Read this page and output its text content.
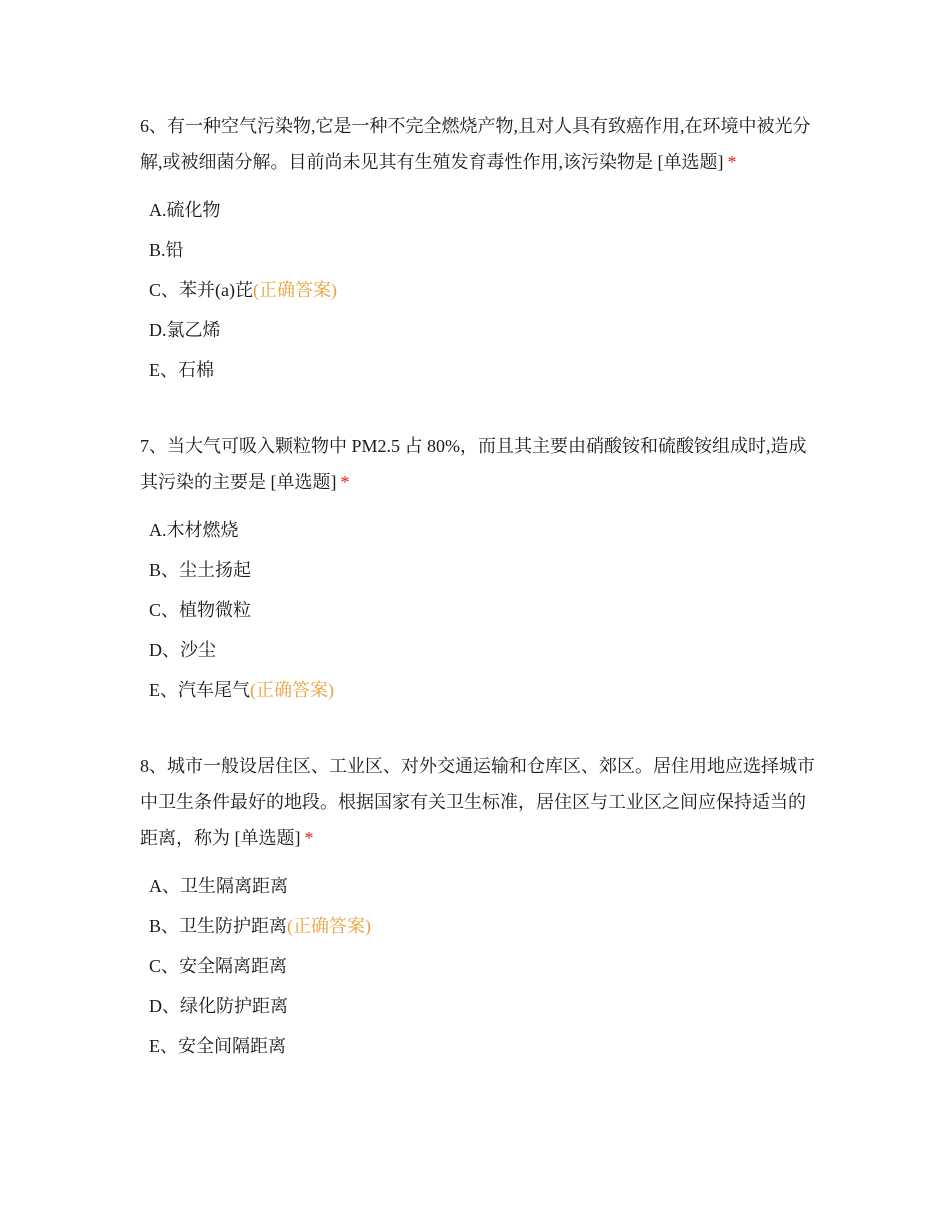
6、有一种空气污染物,它是一种不完全燃烧产物,且对人具有致癌作用,在环境中被光分解,或被细菌分解。目前尚未见其有生殖发育毒性作用,该污染物是 [单选题] *

A.硫化物
B.铅
C、苯并(a)芘(正确答案)
D.氯乙烯
E、石棉

7、当大气可吸入颗粒物中 PM2.5 占 80%，而且其主要由硝酸铵和硫酸铵组成时,造成其污染的主要是 [单选题] *

A.木材燃烧
B、尘土扬起
C、植物微粒
D、沙尘
E、汽车尾气(正确答案)

8、城市一般设居住区、工业区、对外交通运输和仓库区、郊区。居住用地应选择城市中卫生条件最好的地段。根据国家有关卫生标准，居住区与工业区之间应保持适当的距离，称为 [单选题] *

A、卫生隔离距离
B、卫生防护距离(正确答案)
C、安全隔离距离
D、绿化防护距离
E、安全间隔距离
